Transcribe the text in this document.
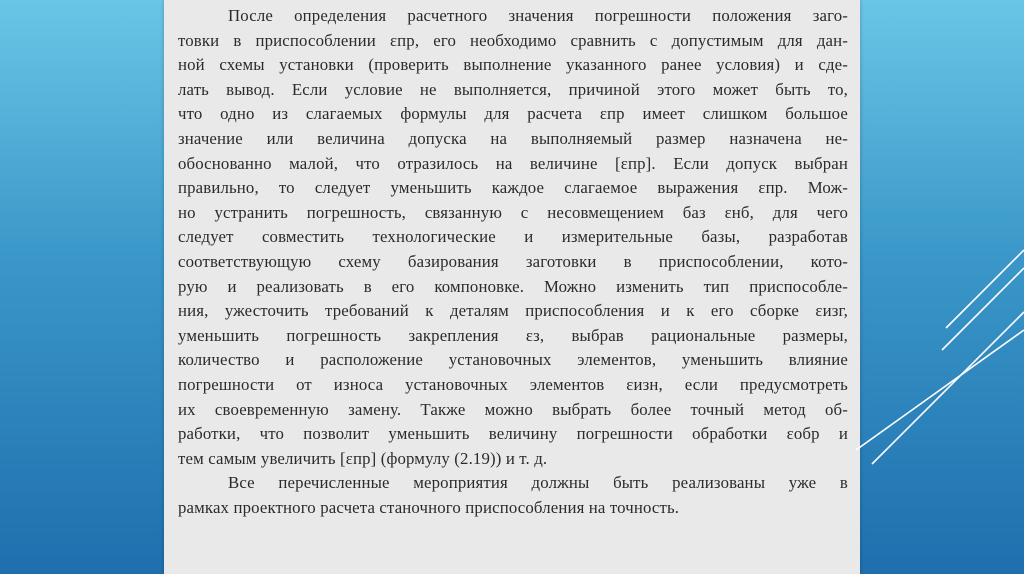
После определения расчетного значения погрешности положения заго-
товки в приспособлении εпр, его необходимо сравнить с допустимым для дан-
ной схемы установки (проверить выполнение указанного ранее условия) и сде-
лать вывод. Если условие не выполняется, причиной этого может быть то,
что одно из слагаемых формулы для расчета εпр имеет слишком большое
значение или величина допуска на выполняемый размер назначена не-
обоснованно малой, что отразилось на величине [εпр]. Если допуск выбран
правильно, то следует уменьшить каждое слагаемое выражения εпр. Мож-
но устранить погрешность, связанную с несовмещением баз εнб, для чего
следует совместить технологические и измерительные базы, разработав
соответствующую схему базирования заготовки в приспособлении, кото-
рую и реализовать в его компоновке. Можно изменить тип приспособле-
ния, ужесточить требований к деталям приспособления и к его сборке εизг,
уменьшить погрешность закрепления εз, выбрав рациональные размеры,
количество и расположение установочных элементов, уменьшить влияние
погрешности от износа установочных элементов εизн, если предусмотреть
их своевременную замену. Также можно выбрать более точный метод об-
работки, что позволит уменьшить величину погрешности обработки εобр и
тем самым увеличить [εпр] (формулу (2.19)) и т. д.
Все перечисленные мероприятия должны быть реализованы уже в
рамках проектного расчета станочного приспособления на точность.
